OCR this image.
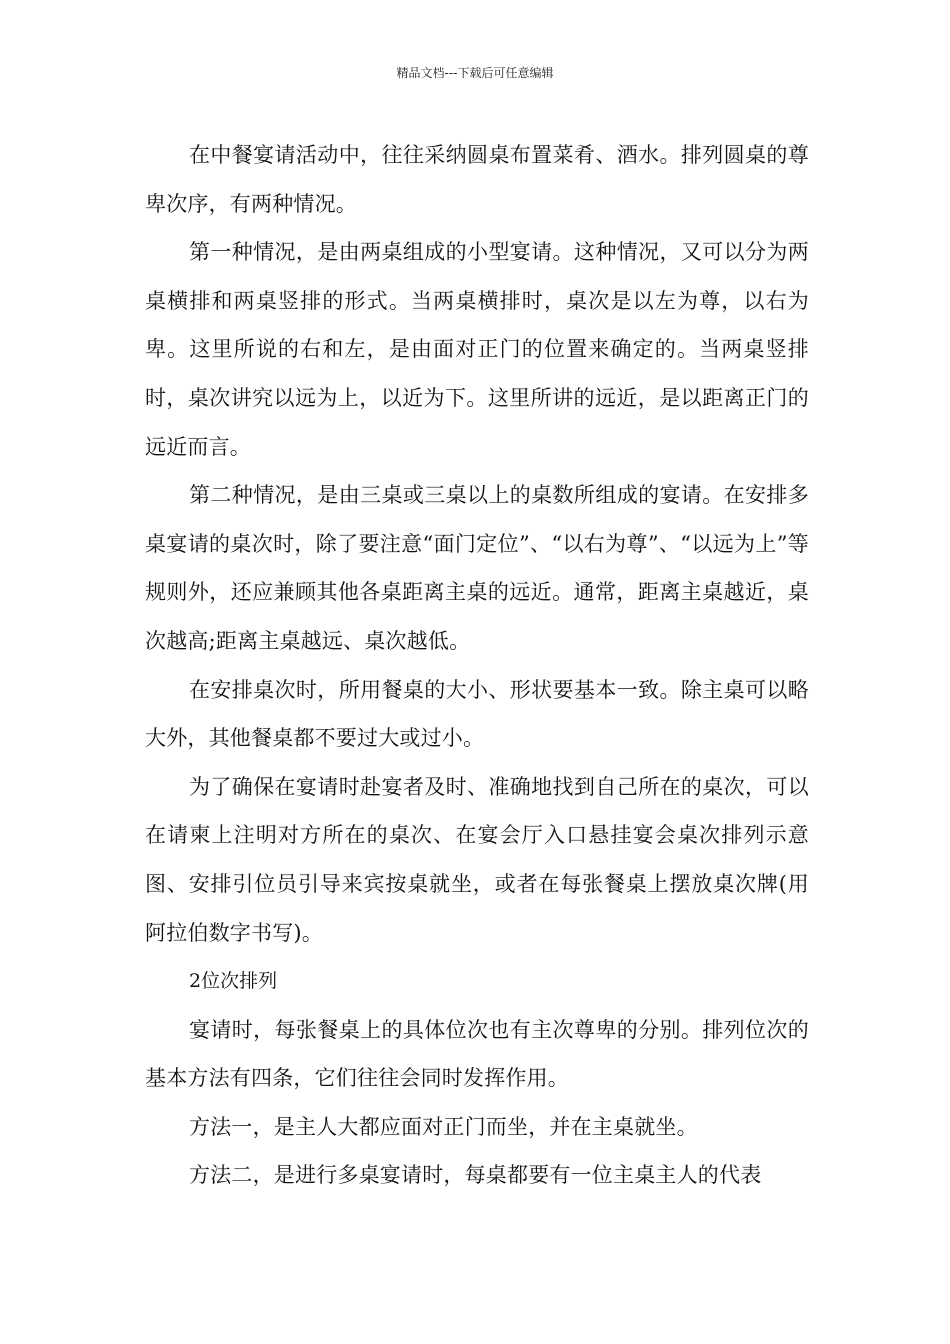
精品文档---下载后可任意编辑

在中餐宴请活动中，往往采纳圆桌布置菜肴、酒水。排列圆桌的尊卑次序，有两种情况。

第一种情况，是由两桌组成的小型宴请。这种情况，又可以分为两桌横排和两桌竖排的形式。当两桌横排时，桌次是以左为尊，以右为卑。这里所说的右和左，是由面对正门的位置来确定的。当两桌竖排时，桌次讲究以远为上，以近为下。这里所讲的远近，是以距离正门的远近而言。

第二种情况，是由三桌或三桌以上的桌数所组成的宴请。在安排多桌宴请的桌次时，除了要注意“面门定位”、“以右为尊”、“以远为上”等规则外，还应兼顾其他各桌距离主桌的远近。通常，距离主桌越近，桌次越高;距离主桌越远、桌次越低。

在安排桌次时，所用餐桌的大小、形状要基本一致。除主桌可以略大外，其他餐桌都不要过大或过小。

为了确保在宴请时赴宴者及时、准确地找到自己所在的桌次，可以在请柬上注明对方所在的桌次、在宴会厅入口悬挂宴会桌次排列示意图、安排引位员引导来宾按桌就坐，或者在每张餐桌上摆放桌次牌(用阿拉伯数字书写)。

2位次排列

宴请时，每张餐桌上的具体位次也有主次尊卑的分别。排列位次的基本方法有四条，它们往往会同时发挥作用。

方法一，是主人大都应面对正门而坐，并在主桌就坐。

方法二，是进行多桌宴请时，每桌都要有一位主桌主人的代表
